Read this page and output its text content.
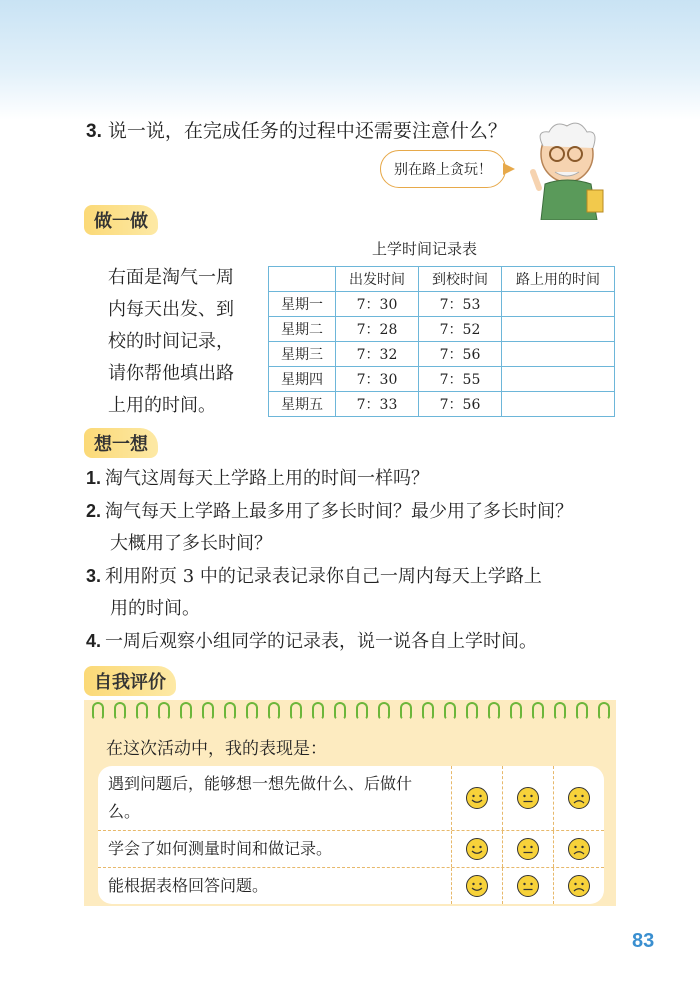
3. 说一说，在完成任务的过程中还需要注意什么？
别在路上贪玩！
做一做
右面是淘气一周
内每天出发、到
校的时间记录，
请你帮他填出路
上用的时间。
上学时间记录表
	出发时间	到校时间	路上用的时间
星期一	7：30	7：53	
星期二	7：28	7：52	
星期三	7：32	7：56	
星期四	7：30	7：55	
星期五	7：33	7：56	
想一想
1. 淘气这周每天上学路上用的时间一样吗？
2. 淘气每天上学路上最多用了多长时间？最少用了多长时间？
大概用了多长时间？
3. 利用附页 3 中的记录表记录你自己一周内每天上学路上
用的时间。
4. 一周后观察小组同学的记录表，说一说各自上学时间。
自我评价
在这次活动中，我的表现是：
遇到问题后，能够想一想先做什么、后做什么。
学会了如何测量时间和做记录。
能根据表格回答问题。
83
